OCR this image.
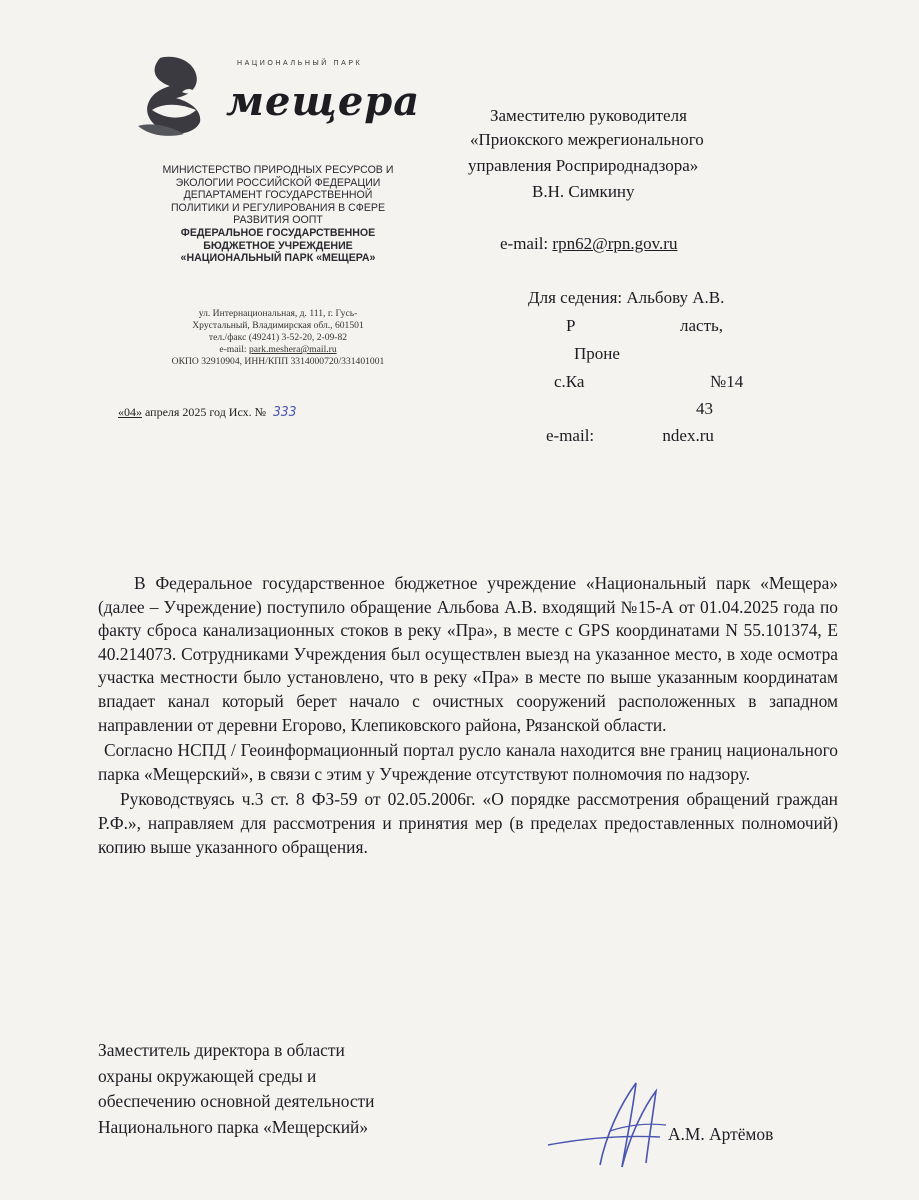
НАЦИОНАЛЬНЫЙ ПАРК
мещера
МИНИСТЕРСТВО ПРИРОДНЫХ РЕСУРСОВ И
ЭКОЛОГИИ РОССИЙСКОЙ ФЕДЕРАЦИИ
ДЕПАРТАМЕНТ ГОСУДАРСТВЕННОЙ
ПОЛИТИКИ И РЕГУЛИРОВАНИЯ В СФЕРЕ
РАЗВИТИЯ ООПТ
ФЕДЕРАЛЬНОЕ ГОСУДАРСТВЕННОЕ
БЮДЖЕТНОЕ УЧРЕЖДЕНИЕ
«НАЦИОНАЛЬНЫЙ ПАРК «МЕЩЕРА»
ул. Интернациональная, д. 111, г. Гусь-
Хрустальный, Владимирская обл., 601501
тел./факс (49241) 3-52-20, 2-09-82
e-mail: park.meshera@mail.ru
ОКПО 32910904, ИНН/КПП 3314000720/331401001
«04» апреля 2025 год Исх. № 333
Заместителю руководителя
«Приокского межрегионального
управления Росприроднадзора»
В.Н. Симкину
e-mail: rpn62@rpn.gov.ru
Для седения: Альбову А.В.
Р	ласть,
Проне
с.Ка	№14
43
e-mail:	ndex.ru

В Федеральное государственное бюджетное учреждение «Национальный парк «Мещера» (далее – Учреждение) поступило обращение Альбова А.В. входящий №15-А от 01.04.2025 года по факту сброса канализационных стоков в реку «Пра», в месте с GPS координатами N 55.101374, E 40.214073. Сотрудниками Учреждения был осуществлен выезд на указанное место, в ходе осмотра участка местности было установлено, что в реку «Пра» в месте по выше указанным координатам впадает канал который берет начало с очистных сооружений расположенных в западном направлении от деревни Егорово, Клепиковского района, Рязанской области.

Согласно НСПД / Геоинформационный портал русло канала находится вне границ национального парка «Мещерский», в связи с этим у Учреждение отсутствуют полномочия по надзору.

Руководствуясь ч.3 ст. 8 ФЗ-59 от 02.05.2006г. «О порядке рассмотрения обращений граждан Р.Ф.», направляем для рассмотрения и принятия мер (в пределах предоставленных полномочий) копию выше указанного обращения.

Заместитель директора в области
охраны окружающей среды и
обеспечению основной деятельности
Национального парка «Мещерский»	А.М. Артёмов
